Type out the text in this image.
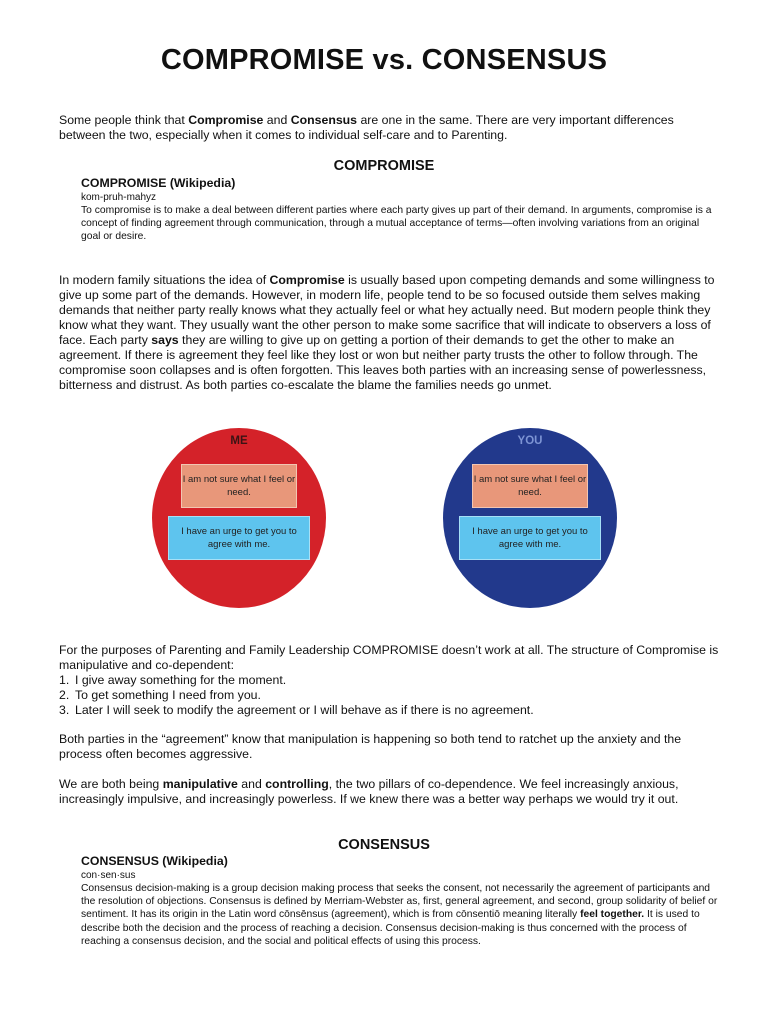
COMPROMISE vs. CONSENSUS

Some people think that Compromise and Consensus are one in the same. There are very important differences between the two, especially when it comes to individual self-care and to Parenting.

COMPROMISE
COMPROMISE (Wikipedia)
kom-pruh-mahyz
To compromise is to make a deal between different parties where each party gives up part of their demand. In arguments, compromise is a concept of finding agreement through communication, through a mutual acceptance of terms—often involving variations from an original goal or desire.

In modern family situations the idea of Compromise is usually based upon competing demands and some willingness to give up some part of the demands. However, in modern life, people tend to be so focused outside them selves making demands that neither party really knows what they actually feel or what hey actually need. But modern people think they know what they want. They usually want the other person to make some sacrifice that will indicate to observers a loss of face. Each party says they are willing to give up on getting a portion of their demands to get the other to make an agreement. If there is agreement they feel like they lost or won but neither party trusts the other to follow through. The compromise soon collapses and is often forgotten. This leaves both parties with an increasing sense of powerlessness, bitterness and distrust. As both parties co-escalate the blame the families needs go unmet.

ME
I am not sure what I feel or need.
I have an urge to get you to agree with me.
YOU
I am not sure what I feel or need.
I have an urge to get you to agree with me.

For the purposes of Parenting and Family Leadership COMPROMISE doesn’t work at all. The structure of Compromise is manipulative and co-dependent:

1. I give away something for the moment.
2. To get something I need from you.
3. Later I will seek to modify the agreement or I will behave as if there is no agreement.

Both parties in the “agreement” know that manipulation is happening so both tend to ratchet up the anxiety and the process often becomes aggressive.

We are both being manipulative and controlling, the two pillars of co-dependence. We feel increasingly anxious, increasingly impulsive, and increasingly powerless. If we knew there was a better way perhaps we would try it out.

CONSENSUS
CONSENSUS (Wikipedia)
con·sen·sus
Consensus decision-making is a group decision making process that seeks the consent, not necessarily the agreement of participants and the resolution of objections. Consensus is defined by Merriam-Webster as, first, general agreement, and second, group solidarity of belief or sentiment. It has its origin in the Latin word cōnsēnsus (agreement), which is from cōnsentiō meaning literally feel together. It is used to describe both the decision and the process of reaching a decision. Consensus decision-making is thus concerned with the process of reaching a consensus decision, and the social and political effects of using this process.
